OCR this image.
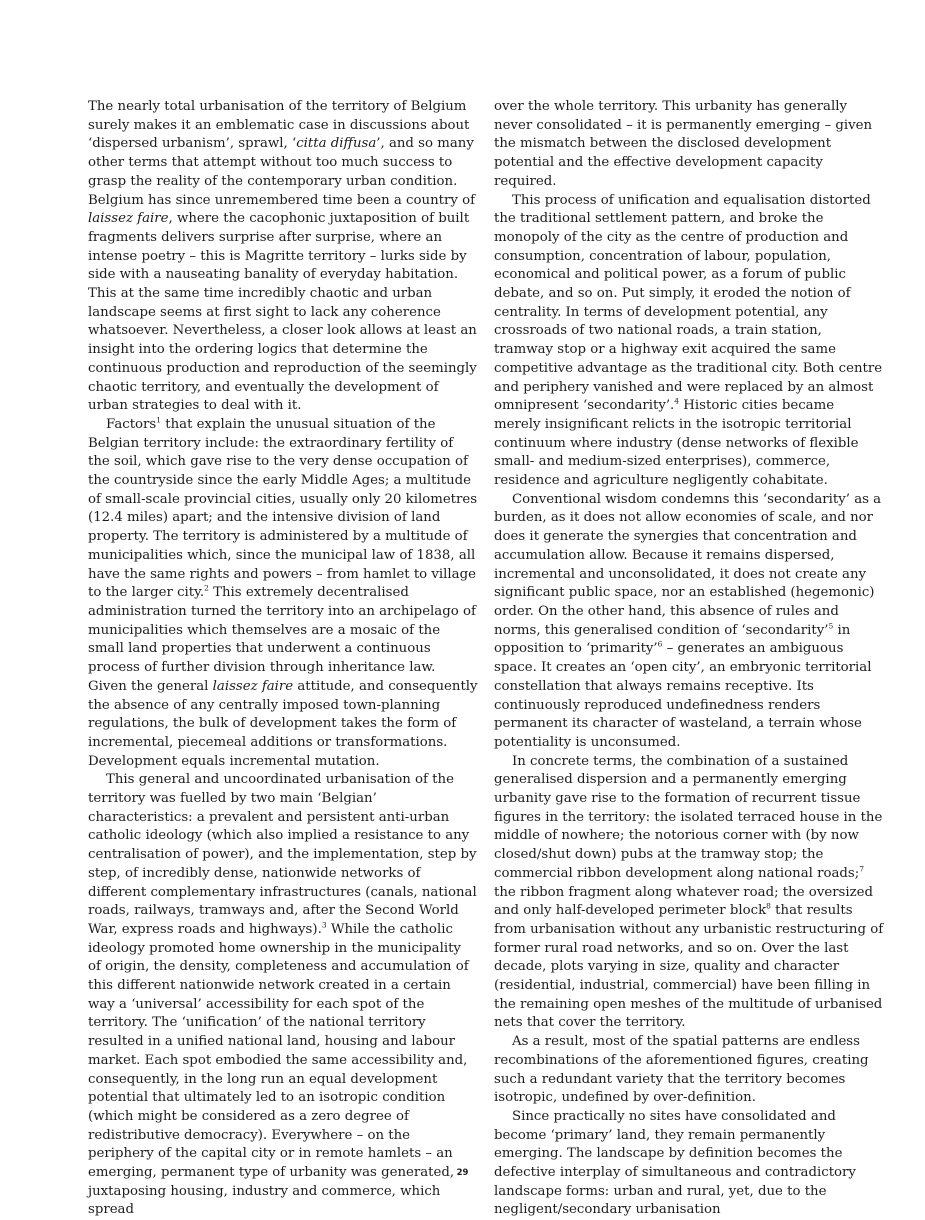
The nearly total urbanisation of the territory of Belgium surely makes it an emblematic case in discussions about ‘dispersed urbanism’, sprawl, ‘citta diffusa’, and so many other terms that attempt without too much success to grasp the reality of the contemporary urban condition. Belgium has since unremembered time been a country of laissez faire, where the cacophonic juxtaposition of built fragments delivers surprise after surprise, where an intense poetry – this is Magritte territory – lurks side by side with a nauseating banality of everyday habitation. This at the same time incredibly chaotic and urban landscape seems at first sight to lack any coherence whatsoever. Nevertheless, a closer look allows at least an insight into the ordering logics that determine the continuous production and reproduction of the seemingly chaotic territory, and eventually the development of urban strategies to deal with it.

Factors$^1$ that explain the unusual situation of the Belgian territory include: the extraordinary fertility of the soil, which gave rise to the very dense occupation of the countryside since the early Middle Ages; a multitude of small-scale provincial cities, usually only 20 kilometres (12.4 miles) apart; and the intensive division of land property. The territory is administered by a multitude of municipalities which, since the municipal law of 1838, all have the same rights and powers – from hamlet to village to the larger city.$^2$ This extremely decentralised administration turned the territory into an archipelago of municipalities which themselves are a mosaic of the small land properties that underwent a continuous process of further division through inheritance law. Given the general laissez faire attitude, and consequently the absence of any centrally imposed town-planning regulations, the bulk of development takes the form of incremental, piecemeal additions or transformations. Development equals incremental mutation.

This general and uncoordinated urbanisation of the territory was fuelled by two main ‘Belgian’ characteristics: a prevalent and persistent anti-urban catholic ideology (which also implied a resistance to any centralisation of power), and the implementation, step by step, of incredibly dense, nationwide networks of different complementary infrastructures (canals, national roads, railways, tramways and, after the Second World War, express roads and highways).$^3$ While the catholic ideology promoted home ownership in the municipality of origin, the density, completeness and accumulation of this different nationwide network created in a certain way a ‘universal’ accessibility for each spot of the territory. The ‘unification’ of the national territory resulted in a unified national land, housing and labour market. Each spot embodied the same accessibility and, consequently, in the long run an equal development potential that ultimately led to an isotropic condition (which might be considered as a zero degree of redistributive democracy). Everywhere – on the periphery of the capital city or in remote hamlets – an emerging, permanent type of urbanity was generated, juxtaposing housing, industry and commerce, which spread

over the whole territory. This urbanity has generally never consolidated – it is permanently emerging – given the mismatch between the disclosed development potential and the effective development capacity required.

This process of unification and equalisation distorted the traditional settlement pattern, and broke the monopoly of the city as the centre of production and consumption, concentration of labour, population, economical and political power, as a forum of public debate, and so on. Put simply, it eroded the notion of centrality. In terms of development potential, any crossroads of two national roads, a train station, tramway stop or a highway exit acquired the same competitive advantage as the traditional city. Both centre and periphery vanished and were replaced by an almost omnipresent ‘secondarity’.$^4$ Historic cities became merely insignificant relicts in the isotropic territorial continuum where industry (dense networks of flexible small- and medium-sized enterprises), commerce, residence and agriculture negligently cohabitate.

Conventional wisdom condemns this ‘secondarity’ as a burden, as it does not allow economies of scale, and nor does it generate the synergies that concentration and accumulation allow. Because it remains dispersed, incremental and unconsolidated, it does not create any significant public space, nor an established (hegemonic) order. On the other hand, this absence of rules and norms, this generalised condition of ‘secondarity’$^5$ in opposition to ‘primarity’$^6$ – generates an ambiguous space. It creates an ‘open city’, an embryonic territorial constellation that always remains receptive. Its continuously reproduced undefinedness renders permanent its character of wasteland, a terrain whose potentiality is unconsumed.

In concrete terms, the combination of a sustained generalised dispersion and a permanently emerging urbanity gave rise to the formation of recurrent tissue figures in the territory: the isolated terraced house in the middle of nowhere; the notorious corner with (by now closed/shut down) pubs at the tramway stop; the commercial ribbon development along national roads;$^7$ the ribbon fragment along whatever road; the oversized and only half-developed perimeter block$^8$ that results from urbanisation without any urbanistic restructuring of former rural road networks, and so on. Over the last decade, plots varying in size, quality and character (residential, industrial, commercial) have been filling in the remaining open meshes of the multitude of urbanised nets that cover the territory.

As a result, most of the spatial patterns are endless recombinations of the aforementioned figures, creating such a redundant variety that the territory becomes isotropic, undefined by over-definition.

Since practically no sites have consolidated and become ‘primary’ land, they remain permanently emerging. The landscape by definition becomes the defective interplay of simultaneous and contradictory landscape forms: urban and rural, yet, due to the negligent/secondary urbanisation

29
